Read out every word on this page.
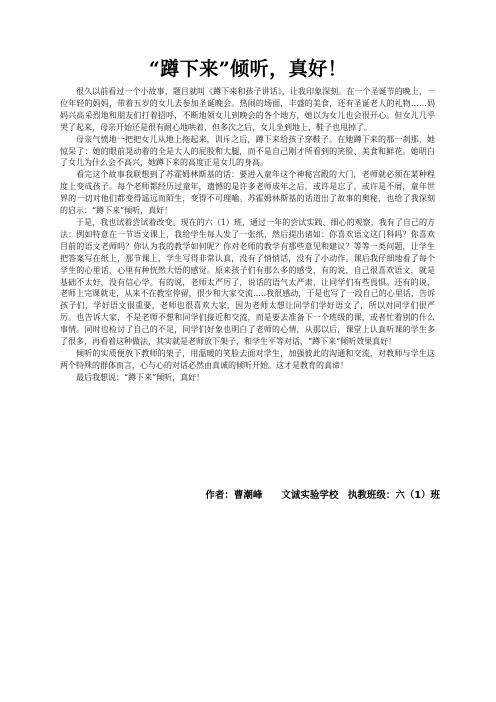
“蹲下来”倾听，真好！

很久以前看过一个小故事，题目就叫《蹲下来和孩子讲话》，让我印象深刻。在一个圣诞节的晚上，一位年轻的妈妈，带着五岁的女儿去参加圣诞晚会。热闹的场面，丰盛的美食，还有圣诞老人的礼物……妈妈兴高采烈地和朋友们打着招呼，不断地领女儿到晚会的各个地方，她以为女儿也会很开心。但女儿几乎哭了起来，母亲开始还是很有耐心地哄着，但多次之后，女儿坐到地上，鞋子也甩掉了。

母亲气愤地一把把女儿从地上拖起来，训斥之后，蹲下来给孩子穿鞋子。在她蹲下来的那一刹那，她惊呆了：她的眼前晃动着的全是大人的屁股和大腿，而不是自己刚才所看到的笑脸、美食和鲜花。她明白了女儿为什么会不高兴，她蹲下来的高度正是女儿的身高。

看完这个故事我联想到了苏霍姆林斯基的话：要进入童年这个神秘宫殿的大门，老师就必须在某种程度上变成孩子。每个老师都经历过童年，遗憾的是许多老师成年之后，或许是忘了，或许是不屑，童年世界的一切对他们都变得遥远而陌生，变得不可理喻。苏霍姆林斯基的话道出了故事的奥秘，也给了我深刻的启示：“蹲下来”倾听，真好！

于是，我也试着尝试着改变。现在的六（1）班，通过一年的尝试实践、细心的观察，我有了自己的方法：例如特意在一节语文课上，我给学生每人发了一张纸，然后提出诸如：你喜欢语文这门科吗？你喜欢目前的语文老师吗？你认为我的教学如何呢？你对老师的教学有那些意见和建议？等等一类问题，让学生把答案写在纸上，那节课上，学生写得非常认真，没有了悄悄话，没有了小动作。课后我仔细地看了每个学生的心里话，心里有种恍然大悟的感觉。原来孩子们有那么多的感受，有的说，自己很喜欢语文，就是基础不太好，没有信心学。有的说，老师太严厉了，说话的语气太严肃，让同学们有些畏惧。还有的说，老师上完课就走，从来不在教室停留，很少和大家交流…..我很感动，于是也写了一段自己的心里话，告诉孩子们，学好语文很重要，老师也很喜欢大家，因为老师太想让同学们学好语文了，所以对同学们很严厉。也告诉大家，不是老师不想和同学们接近和交流，而是要去准备下一个班级的课，或者忙着别的什么事情。同时也检讨了自己的不足，同学们好象也明白了老师的心情，从那以后，课堂上认真听课的学生多了很多，再看着这种做法，其实就是老师放下架子，和学生平等对话，“蹲下来“倾听效果真好！

倾听的实质便放下教师的架子，用温暖的笑脸去面对学生，加强彼此的沟通和交流，对教师与学生这两个特殊的群体而言，心与心的对话必然由真诚的倾听开始。这才是教育的真谛！

最后我想说：“蹲下来”倾听，真好！

作者：曹潮峰　　文诚实验学校　执教班级：六（1）班
